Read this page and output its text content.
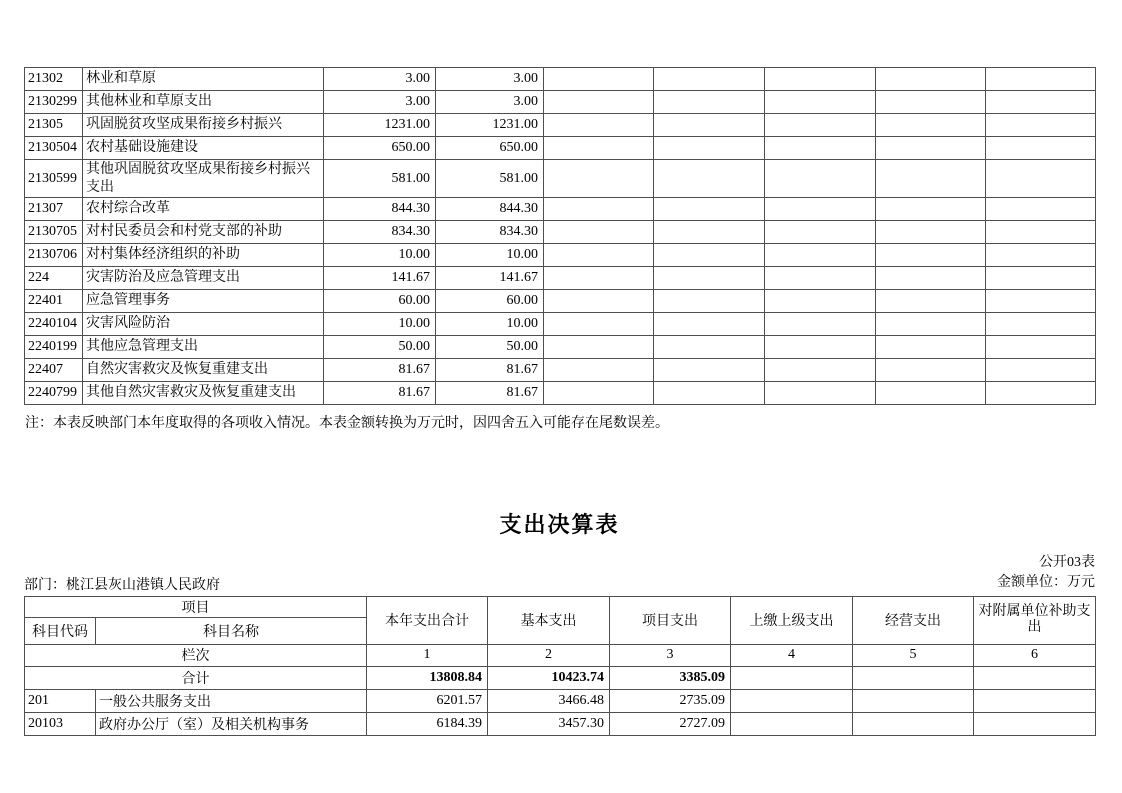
21302	林业和草原	3.00	3.00					
2130299	其他林业和草原支出	3.00	3.00					
21305	巩固脱贫攻坚成果衔接乡村振兴	1231.00	1231.00					
2130504	农村基础设施建设	650.00	650.00					
2130599	其他巩固脱贫攻坚成果衔接乡村振兴支出	581.00	581.00					
21307	农村综合改革	844.30	844.30					
2130705	对村民委员会和村党支部的补助	834.30	834.30					
2130706	对村集体经济组织的补助	10.00	10.00					
224	灾害防治及应急管理支出	141.67	141.67					
22401	应急管理事务	60.00	60.00					
2240104	灾害风险防治	10.00	10.00					
2240199	其他应急管理支出	50.00	50.00					
22407	自然灾害救灾及恢复重建支出	81.67	81.67					
2240799	其他自然灾害救灾及恢复重建支出	81.67	81.67					
注：本表反映部门本年度取得的各项收入情况。本表金额转换为万元时，因四舍五入可能存在尾数误差。
支出决算表
部门：桃江县灰山港镇人民政府
公开03表
金额单位：万元
项目		本年支出合计	基本支出	项目支出	上缴上级支出	经营支出	对附属单位补助支出
科目代码	科目名称						
栏次		1	2	3	4	5	6
合计		13808.84	10423.74	3385.09			
201	一般公共服务支出	6201.57	3466.48	2735.09			
20103	政府办公厅（室）及相关机构事务	6184.39	3457.30	2727.09			
